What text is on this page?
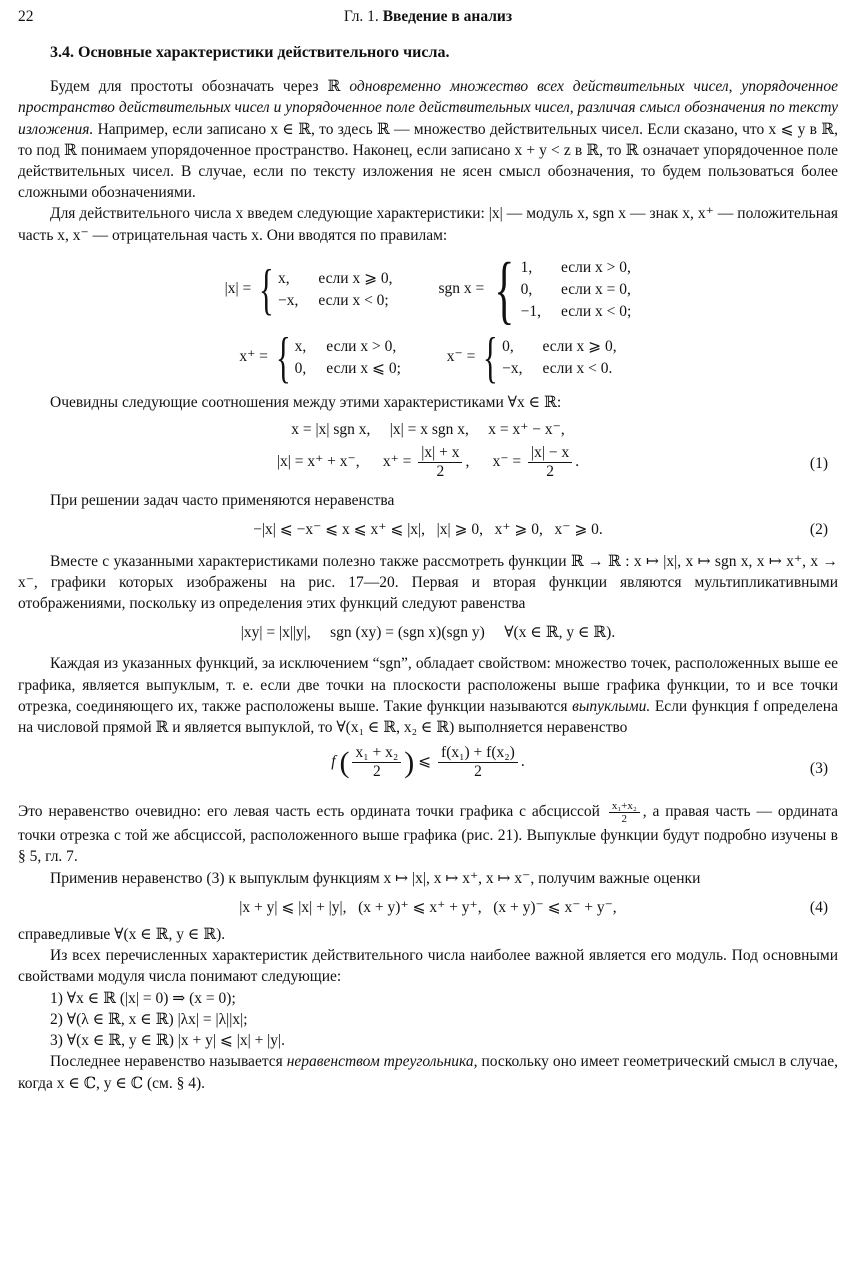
22	Гл. 1. Введение в анализ
3.4. Основные характеристики действительного числа.

Будем для простоты обозначать через ℝ одновременно множество всех действительных чисел, упорядоченное пространство действительных чисел и упорядоченное поле действительных чисел, различая смысл обозначения по тексту изложения. Например, если записано x ∈ ℝ, то здесь ℝ — множество действительных чисел. Если сказано, что x ⩽ y в ℝ, то под ℝ понимаем упорядоченное пространство. Наконец, если записано x + y < z в ℝ, то ℝ означает упорядоченное поле действительных чисел. В случае, если по тексту изложения не ясен смысл обозначения, то будем пользоваться более сложными обозначениями.

Для действительного числа x введем следующие характеристики: |x| — модуль x, sgn x — знак x, x⁺ — положительная часть x, x⁻ — отрицательная часть x. Они вводятся по правилам:

|x| = { x,	если x ⩾ 0,
−x, если x < 0;
sgn x = { 1,	если x > 0,
0,	если x = 0,
−1, если x < 0;
x⁺ = { x, если x > 0,
0, если x ⩽ 0;
x⁻ = { 0,	если x ⩾ 0,
−x, если x < 0.

Очевидны следующие соотношения между этими характеристиками ∀x ∈ ℝ:

x = |x| sgn x,     |x| = x sgn x,     x = x⁺ − x⁻,
|x| = x⁺ + x⁻, $x^+ = \frac{|x| + x}{2}$ , $x^- = \frac{|x| - x}{2}$ .	(1)

При решении задач часто применяются неравенства

−|x| ⩽ −x⁻ ⩽ x ⩽ x⁺ ⩽ |x|,   |x| ⩾ 0,   x⁺ ⩾ 0,   x⁻ ⩾ 0.	(2)

Вместе с указанными характеристиками полезно также рассмотреть функции ℝ → ℝ : x ↦ |x|, x ↦ sgn x, x ↦ x⁺, x → x⁻, графики которых изображены на рис. 17—20. Первая и вторая функции являются мультипликативными отображениями, поскольку из определения этих функций следуют равенства

|xy| = |x||y|,     sgn (xy) = (sgn x)(sgn y)     ∀(x ∈ ℝ, y ∈ ℝ).

Каждая из указанных функций, за исключением “sgn”, обладает свойством: множество точек, расположенных выше ее графика, является выпуклым, т. е. если две точки на плоскости расположены выше графика функции, то и все точки отрезка, соединяющего их, также расположены выше. Такие функции называются выпуклыми. Если функция f определена на числовой прямой ℝ и является выпуклой, то ∀(x₁ ∈ ℝ, x₂ ∈ ℝ) выполняется неравенство

f ( $\frac{\text{x₁ + x₂}}{2}$ ) ⩽ $\frac{\text{f(x₁) + f(x₂)}}{2}$ .	(3)

Это неравенство очевидно: его левая часть есть ордината точки графика с абсциссой $\frac{\text{x₁+x₂}}{2}$ , а правая часть — ордината точки отрезка с той же абсциссой, расположенного выше графика (рис. 21). Выпуклые функции будут подробно изучены в § 5, гл. 7.

Применив неравенство (3) к выпуклым функциям x ↦ |x|, x ↦ x⁺, x ↦ x⁻, получим важные оценки

|x + y| ⩽ |x| + |y|,   (x + y)⁺ ⩽ x⁺ + y⁺,   (x + y)⁻ ⩽ x⁻ + y⁻,	(4)

справедливые ∀(x ∈ ℝ, y ∈ ℝ).

Из всех перечисленных характеристик действительного числа наиболее важной является его модуль. Под основными свойствами модуля числа понимают следующие:

1) ∀x ∈ ℝ (|x| = 0) ⇒ (x = 0);

2) ∀(λ ∈ ℝ, x ∈ ℝ) |λx| = |λ||x|;

3) ∀(x ∈ ℝ, y ∈ ℝ) |x + y| ⩽ |x| + |y|.

Последнее неравенство называется неравенством треугольника, поскольку оно имеет геометрический смысл в случае, когда x ∈ ℂ, y ∈ ℂ (см. § 4).
